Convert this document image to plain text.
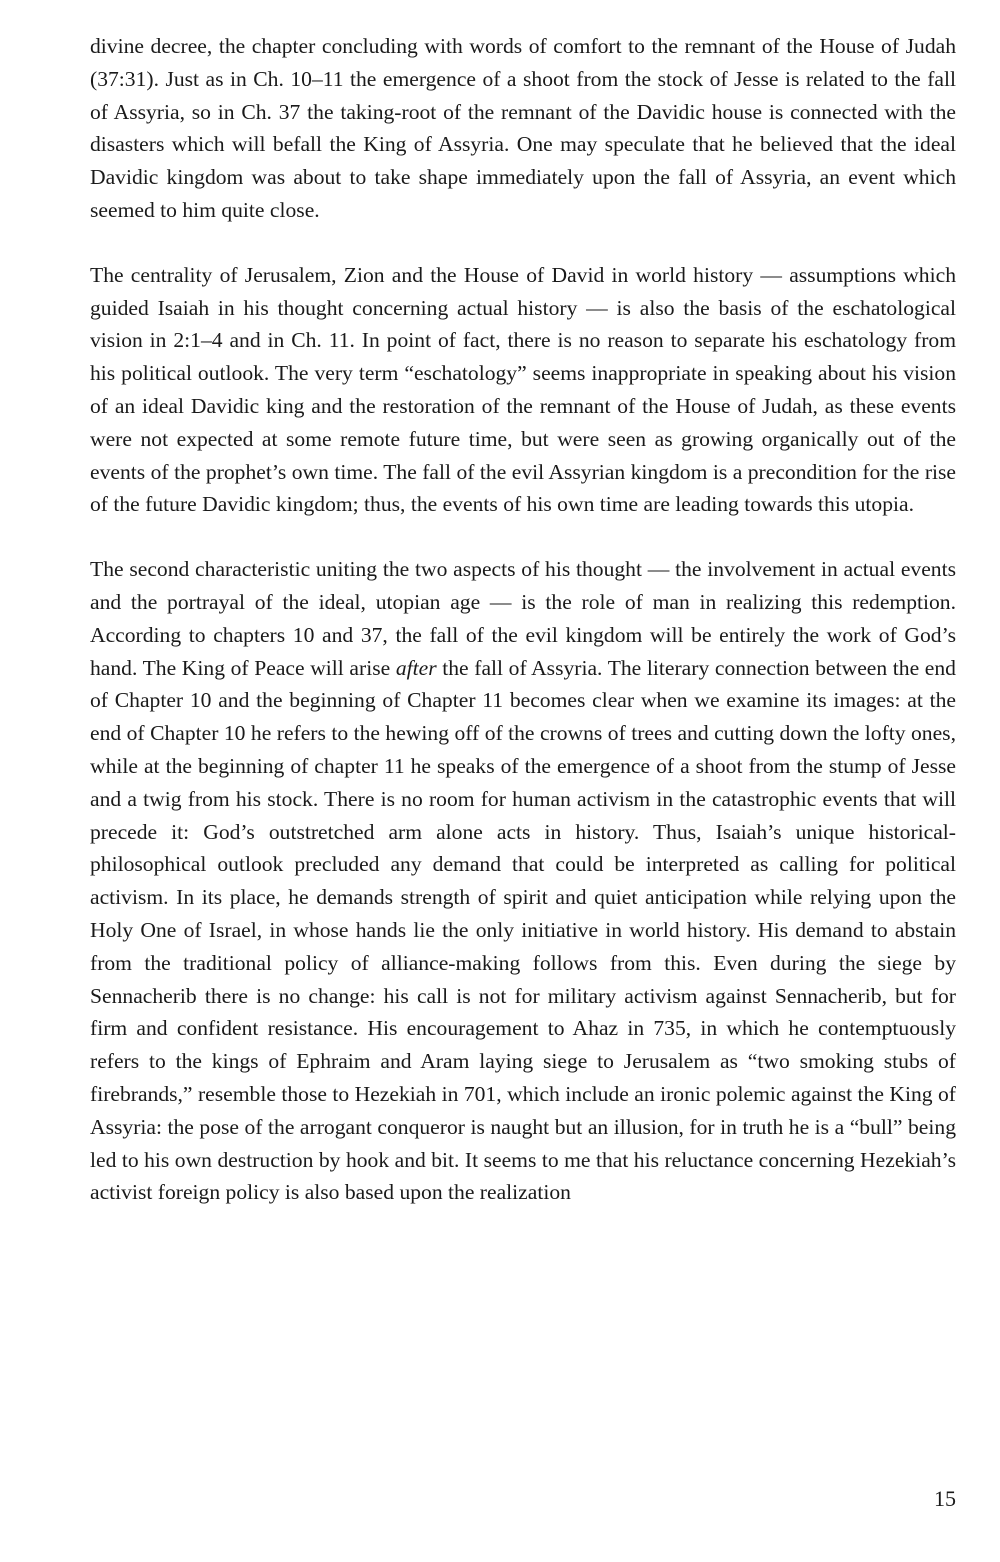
divine decree, the chapter concluding with words of comfort to the remnant of the House of Judah (37:31). Just as in Ch. 10–11 the emergence of a shoot from the stock of Jesse is related to the fall of Assyria, so in Ch. 37 the taking-root of the remnant of the Davidic house is connected with the disasters which will befall the King of Assyria. One may speculate that he believed that the ideal Davidic kingdom was about to take shape immediately upon the fall of Assyria, an event which seemed to him quite close.

The centrality of Jerusalem, Zion and the House of David in world history — assumptions which guided Isaiah in his thought concerning actual history — is also the basis of the eschatological vision in 2:1–4 and in Ch. 11. In point of fact, there is no reason to separate his eschatology from his political outlook. The very term “eschatology” seems inappropriate in speaking about his vision of an ideal Davidic king and the restoration of the remnant of the House of Judah, as these events were not expected at some remote future time, but were seen as growing organically out of the events of the prophet’s own time. The fall of the evil Assyrian kingdom is a precondition for the rise of the future Davidic kingdom; thus, the events of his own time are leading towards this utopia.

The second characteristic uniting the two aspects of his thought — the involvement in actual events and the portrayal of the ideal, utopian age — is the role of man in realizing this redemption. According to chapters 10 and 37, the fall of the evil kingdom will be entirely the work of God’s hand. The King of Peace will arise after the fall of Assyria. The literary connection between the end of Chapter 10 and the beginning of Chapter 11 becomes clear when we examine its images: at the end of Chapter 10 he refers to the hewing off of the crowns of trees and cutting down the lofty ones, while at the beginning of chapter 11 he speaks of the emergence of a shoot from the stump of Jesse and a twig from his stock. There is no room for human activism in the catastrophic events that will precede it: God’s outstretched arm alone acts in history. Thus, Isaiah’s unique historical-philosophical outlook precluded any demand that could be interpreted as calling for political activism. In its place, he demands strength of spirit and quiet anticipation while relying upon the Holy One of Israel, in whose hands lie the only initiative in world history. His demand to abstain from the traditional policy of alliance-making follows from this. Even during the siege by Sennacherib there is no change: his call is not for military activism against Sennacherib, but for firm and confident resistance. His encouragement to Ahaz in 735, in which he contemptuously refers to the kings of Ephraim and Aram laying siege to Jerusalem as “two smoking stubs of firebrands,” resemble those to Hezekiah in 701, which include an ironic polemic against the King of Assyria: the pose of the arrogant conqueror is naught but an illusion, for in truth he is a “bull” being led to his own destruction by hook and bit. It seems to me that his reluctance concerning Hezekiah’s activist foreign policy is also based upon the realization

15
